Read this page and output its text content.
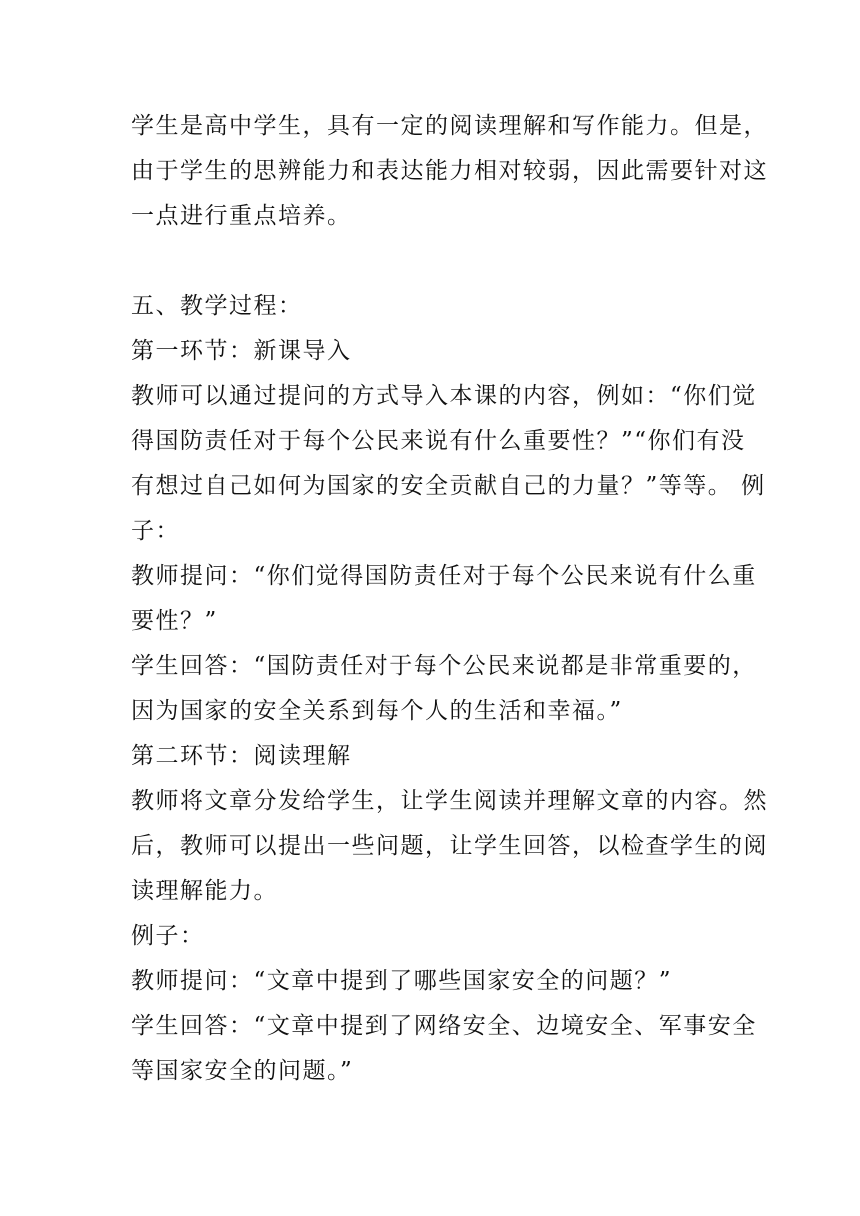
学生是高中学生，具有一定的阅读理解和写作能力。但是，

由于学生的思辨能力和表达能力相对较弱，因此需要针对这

一点进行重点培养。

五、教学过程：

第一环节：新课导入

教师可以通过提问的方式导入本课的内容，例如：“你们觉

得国防责任对于每个公民来说有什么重要性？”“你们有没

有想过自己如何为国家的安全贡献自己的力量？”等等。 例

子：

教师提问：“你们觉得国防责任对于每个公民来说有什么重

要性？”

学生回答：“国防责任对于每个公民来说都是非常重要的，

因为国家的安全关系到每个人的生活和幸福。”

第二环节：阅读理解

教师将文章分发给学生，让学生阅读并理解文章的内容。然

后，教师可以提出一些问题，让学生回答，以检查学生的阅

读理解能力。

例子：

教师提问：“文章中提到了哪些国家安全的问题？”

学生回答：“文章中提到了网络安全、边境安全、军事安全

等国家安全的问题。”
